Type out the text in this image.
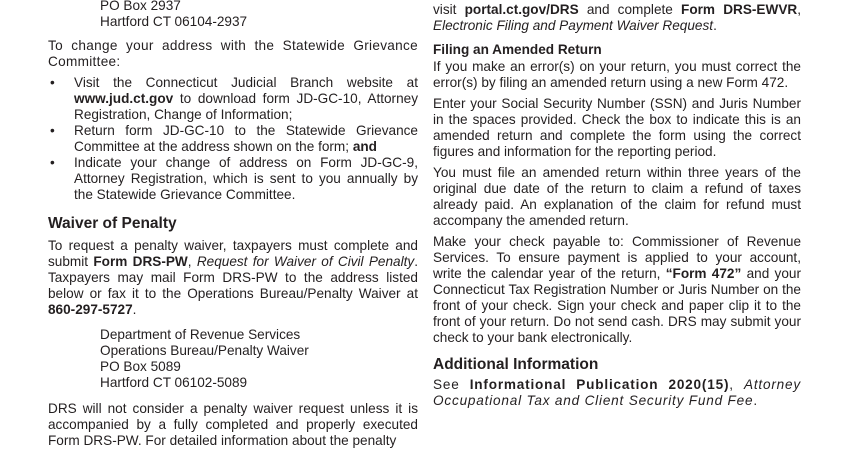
PO Box 2937
Hartford CT 06104-2937

To change your address with the Statewide Grievance Committee:

• Visit the Connecticut Judicial Branch website at www.jud.ct.gov to download form JD-GC-10, Attorney Registration, Change of Information;
• Return form JD-GC-10 to the Statewide Grievance Committee at the address shown on the form; and
• Indicate your change of address on Form JD-GC-9, Attorney Registration, which is sent to you annually by the Statewide Grievance Committee.
Waiver of Penalty

To request a penalty waiver, taxpayers must complete and submit Form DRS-PW, Request for Waiver of Civil Penalty. Taxpayers may mail Form DRS-PW to the address listed below or fax it to the Operations Bureau/Penalty Waiver at 860-297-5727.

Department of Revenue Services
Operations Bureau/Penalty Waiver
PO Box 5089
Hartford CT 06102-5089

DRS will not consider a penalty waiver request unless it is accompanied by a fully completed and properly executed Form DRS-PW. For detailed information about the penalty

visit portal.ct.gov/DRS and complete Form DRS-EWVR, Electronic Filing and Payment Waiver Request.

Filing an Amended Return

If you make an error(s) on your return, you must correct the error(s) by filing an amended return using a new Form 472.

Enter your Social Security Number (SSN) and Juris Number in the spaces provided. Check the box to indicate this is an amended return and complete the form using the correct figures and information for the reporting period.

You must file an amended return within three years of the original due date of the return to claim a refund of taxes already paid. An explanation of the claim for refund must accompany the amended return.

Make your check payable to: Commissioner of Revenue Services. To ensure payment is applied to your account, write the calendar year of the return, “Form 472” and your Connecticut Tax Registration Number or Juris Number on the front of your check. Sign your check and paper clip it to the front of your return. Do not send cash. DRS may submit your check to your bank electronically.

Additional Information

See Informational Publication 2020(15), Attorney Occupational Tax and Client Security Fund Fee.
